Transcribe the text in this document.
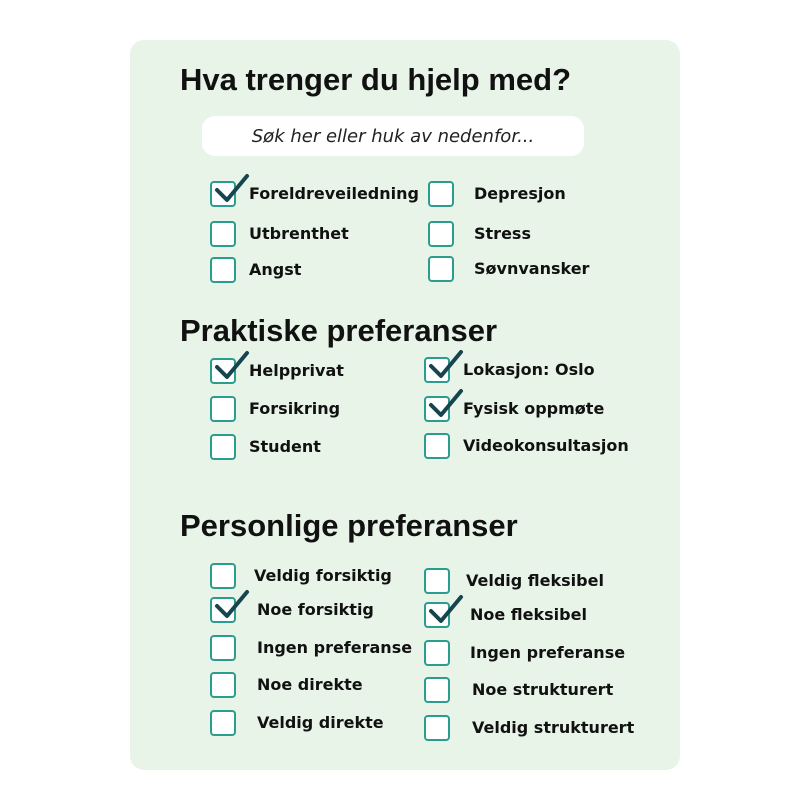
Hva trenger du hjelp med?
Søk her eller huk av nedenfor...
Foreldreveiledning
Utbrenthet
Angst
Depresjon
Stress
Søvnvansker
Praktiske preferanser
Helpprivat
Forsikring
Student
Lokasjon: Oslo
Fysisk oppmøte
Videokonsultasjon
Personlige preferanser
Veldig forsiktig
Noe forsiktig
Ingen preferanse
Noe direkte
Veldig direkte
Veldig fleksibel
Noe fleksibel
Ingen preferanse
Noe strukturert
Veldig strukturert
